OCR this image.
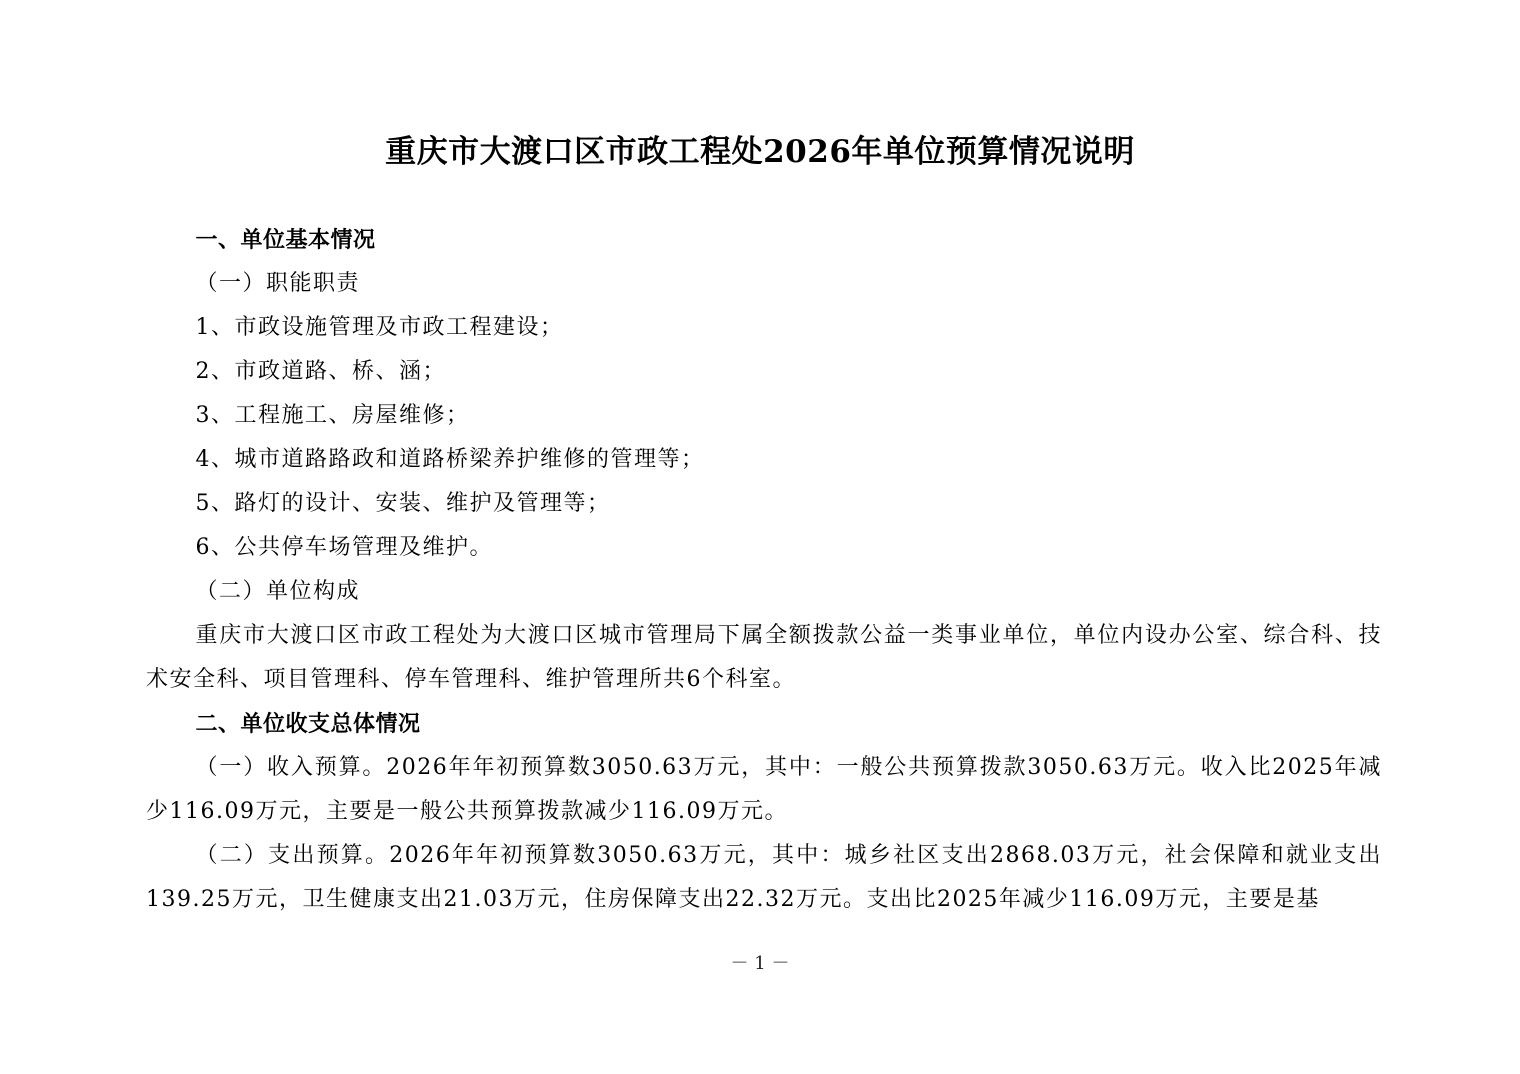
重庆市大渡口区市政工程处2026年单位预算情况说明

一、单位基本情况

（一）职能职责

1、市政设施管理及市政工程建设；

2、市政道路、桥、涵；

3、工程施工、房屋维修；

4、城市道路路政和道路桥梁养护维修的管理等；

5、路灯的设计、安装、维护及管理等；

6、公共停车场管理及维护。

（二）单位构成

重庆市大渡口区市政工程处为大渡口区城市管理局下属全额拨款公益一类事业单位，单位内设办公室、综合科、技术安全科、项目管理科、停车管理科、维护管理所共6个科室。

二、单位收支总体情况

（一）收入预算。2026年年初预算数3050.63万元，其中：一般公共预算拨款3050.63万元。收入比2025年减少116.09万元，主要是一般公共预算拨款减少116.09万元。

（二）支出预算。2026年年初预算数3050.63万元，其中：城乡社区支出2868.03万元，社会保障和就业支出139.25万元，卫生健康支出21.03万元，住房保障支出22.32万元。支出比2025年减少116.09万元，主要是基

－ 1 －
